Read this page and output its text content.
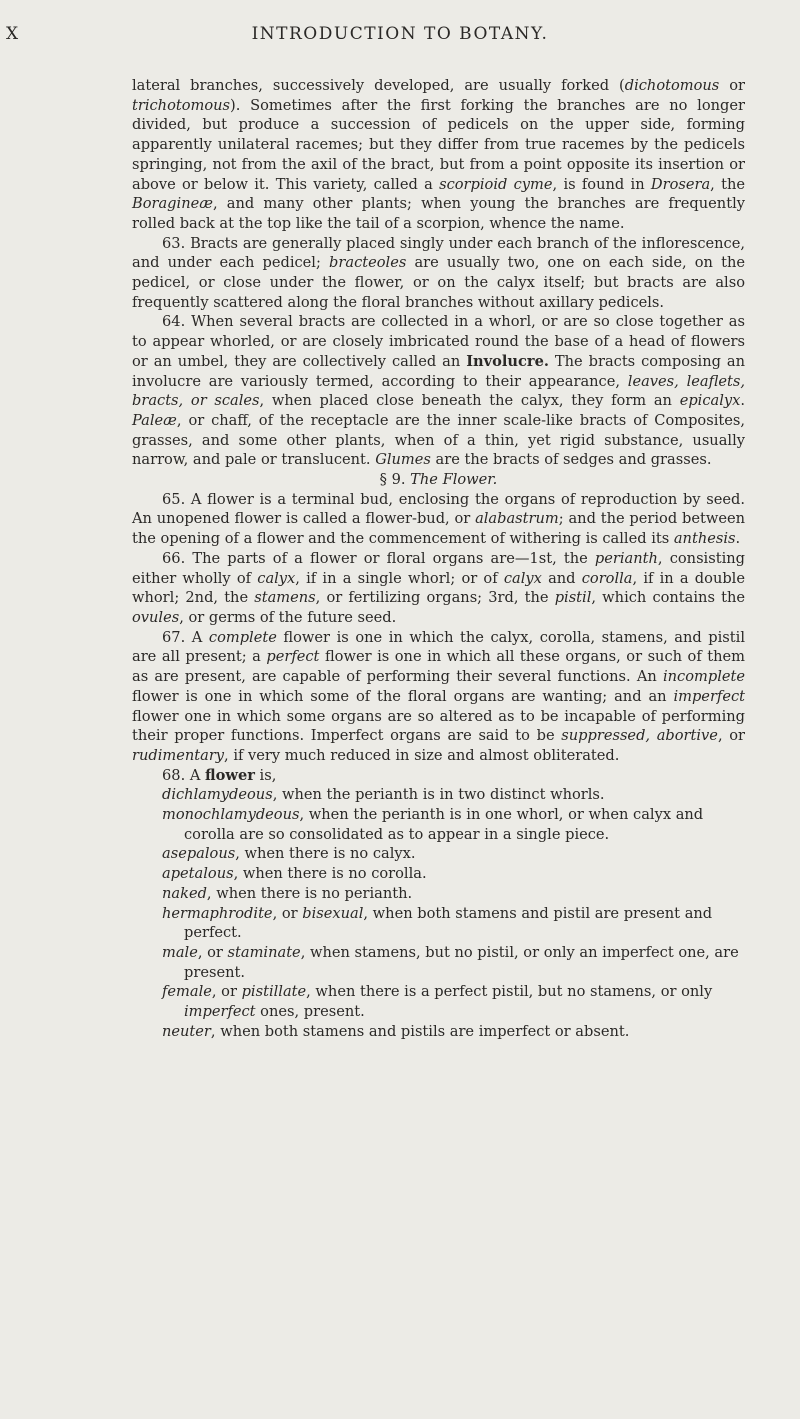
X	INTRODUCTION TO BOTANY.

lateral branches, successively developed, are usually forked (dichotomous or trichotomous). Sometimes after the first forking the branches are no longer divided, but produce a succession of pedicels on the upper side, forming apparently unilateral racemes; but they differ from true racemes by the pedicels springing, not from the axil of the bract, but from a point opposite its insertion or above or below it. This variety, called a scorpioid cyme, is found in Drosera, the Boragineæ, and many other plants; when young the branches are frequently rolled back at the top like the tail of a scorpion, whence the name.

63. Bracts are generally placed singly under each branch of the inflorescence, and under each pedicel; bracteoles are usually two, one on each side, on the pedicel, or close under the flower, or on the calyx itself; but bracts are also frequently scattered along the floral branches without axillary pedicels.

64. When several bracts are collected in a whorl, or are so close together as to appear whorled, or are closely imbricated round the base of a head of flowers or an umbel, they are collectively called an Involucre. The bracts composing an involucre are variously termed, according to their appearance, leaves, leaflets, bracts, or scales, when placed close beneath the calyx, they form an epicalyx. Paleæ, or chaff, of the receptacle are the inner scale-like bracts of Composites, grasses, and some other plants, when of a thin, yet rigid substance, usually narrow, and pale or translucent. Glumes are the bracts of sedges and grasses.

§ 9. The Flower.

65. A flower is a terminal bud, enclosing the organs of reproduction by seed. An unopened flower is called a flower-bud, or alabastrum; and the period between the opening of a flower and the commencement of withering is called its anthesis.

66. The parts of a flower or floral organs are—1st, the perianth, consisting either wholly of calyx, if in a single whorl; or of calyx and corolla, if in a double whorl; 2nd, the stamens, or fertilizing organs; 3rd, the pistil, which contains the ovules, or germs of the future seed.

67. A complete flower is one in which the calyx, corolla, stamens, and pistil are all present; a perfect flower is one in which all these organs, or such of them as are present, are capable of performing their several functions. An incomplete flower is one in which some of the floral organs are wanting; and an imperfect flower one in which some organs are so altered as to be incapable of performing their proper functions. Imperfect organs are said to be suppressed, abortive, or rudimentary, if very much reduced in size and almost obliterated.

68. A flower is,

dichlamydeous, when the perianth is in two distinct whorls.

monochlamydeous, when the perianth is in one whorl, or when calyx and corolla are so consolidated as to appear in a single piece.

asepalous, when there is no calyx.

apetalous, when there is no corolla.

naked, when there is no perianth.

hermaphrodite, or bisexual, when both stamens and pistil are present and perfect.

male, or staminate, when stamens, but no pistil, or only an imperfect one, are present.

female, or pistillate, when there is a perfect pistil, but no stamens, or only imperfect ones, present.

neuter, when both stamens and pistils are imperfect or absent.
